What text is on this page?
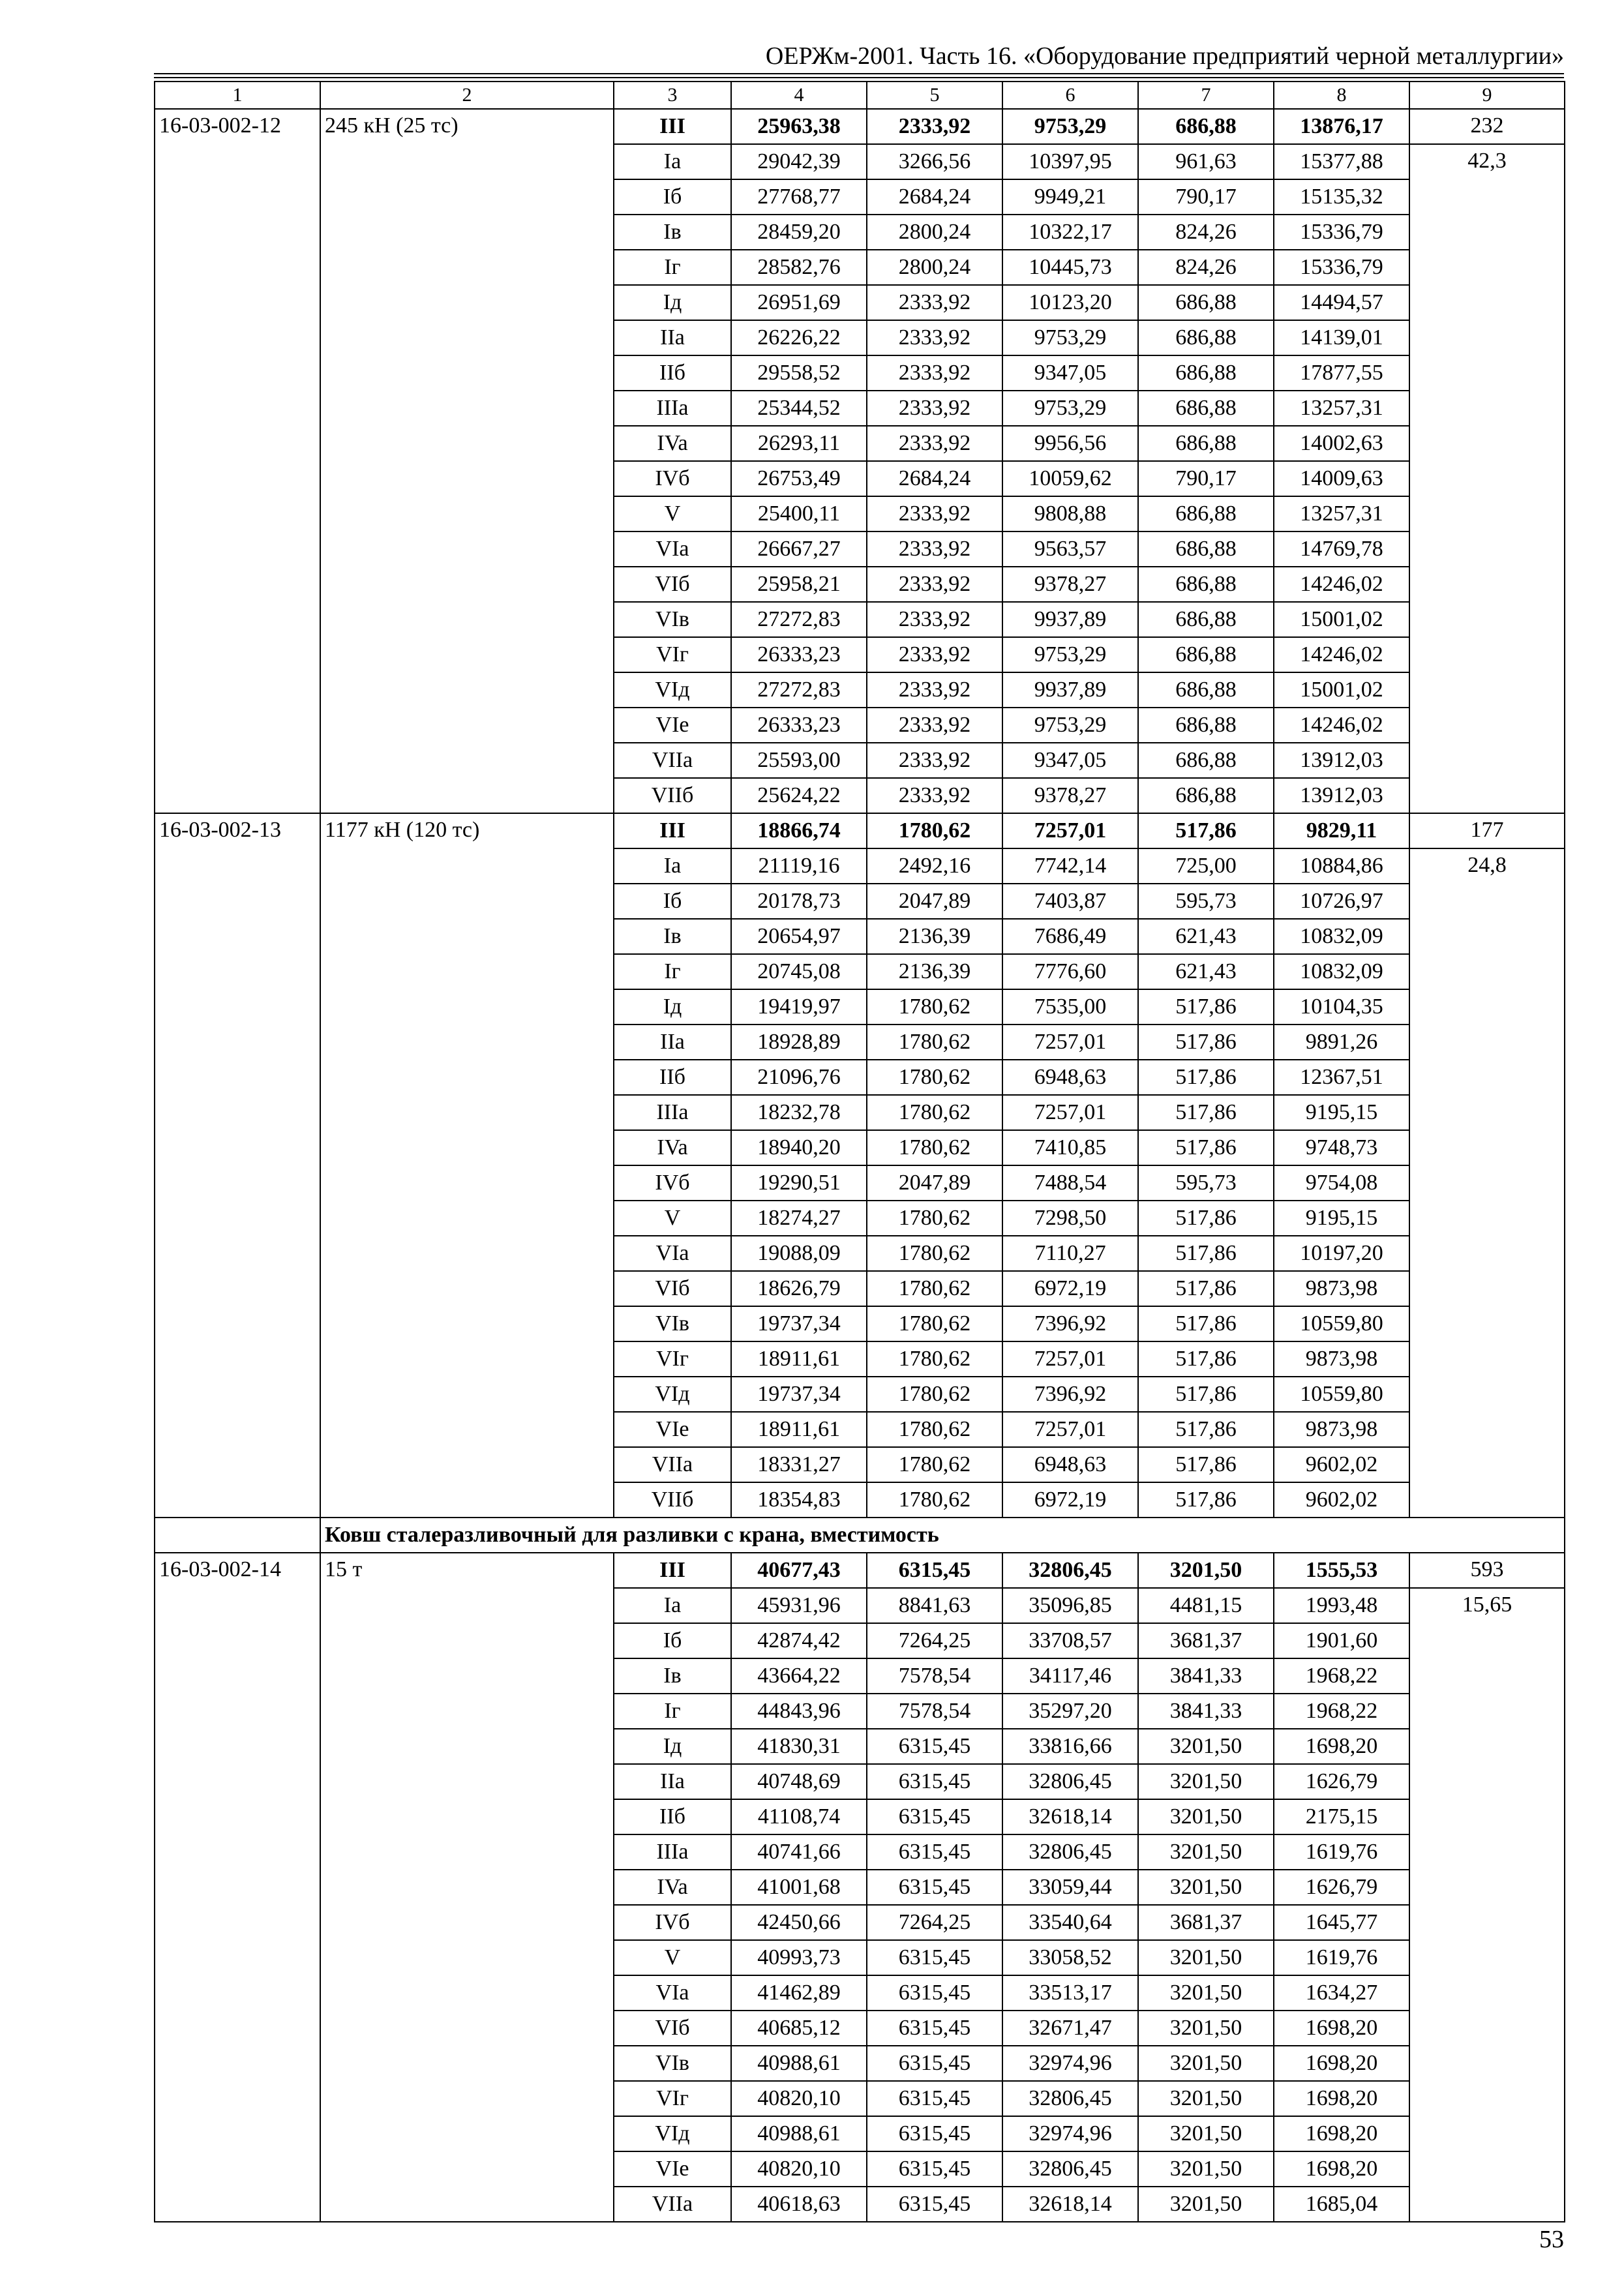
ОЕРЖм-2001. Часть 16. «Оборудование предприятий черной металлургии»
1	2	3	4	5	6	7	8	9
16-03-002-12	245 кН (25 тс)	III	25963,38	2333,92	9753,29	686,88	13876,17	232
		Ia	29042,39	3266,56	10397,95	961,63	15377,88	42,3
		Iб	27768,77	2684,24	9949,21	790,17	15135,32	
		Iв	28459,20	2800,24	10322,17	824,26	15336,79	
		Iг	28582,76	2800,24	10445,73	824,26	15336,79	
		Iд	26951,69	2333,92	10123,20	686,88	14494,57	
		IIa	26226,22	2333,92	9753,29	686,88	14139,01	
		IIб	29558,52	2333,92	9347,05	686,88	17877,55	
		IIIa	25344,52	2333,92	9753,29	686,88	13257,31	
		IVa	26293,11	2333,92	9956,56	686,88	14002,63	
		IVб	26753,49	2684,24	10059,62	790,17	14009,63	
		V	25400,11	2333,92	9808,88	686,88	13257,31	
		VIa	26667,27	2333,92	9563,57	686,88	14769,78	
		VIб	25958,21	2333,92	9378,27	686,88	14246,02	
		VIв	27272,83	2333,92	9937,89	686,88	15001,02	
		VIг	26333,23	2333,92	9753,29	686,88	14246,02	
		VIд	27272,83	2333,92	9937,89	686,88	15001,02	
		VIe	26333,23	2333,92	9753,29	686,88	14246,02	
		VIIa	25593,00	2333,92	9347,05	686,88	13912,03	
		VIIб	25624,22	2333,92	9378,27	686,88	13912,03	
16-03-002-13	1177 кН (120 тс)	III	18866,74	1780,62	7257,01	517,86	9829,11	177
		Ia	21119,16	2492,16	7742,14	725,00	10884,86	24,8
		Iб	20178,73	2047,89	7403,87	595,73	10726,97	
		Iв	20654,97	2136,39	7686,49	621,43	10832,09	
		Iг	20745,08	2136,39	7776,60	621,43	10832,09	
		Iд	19419,97	1780,62	7535,00	517,86	10104,35	
		IIa	18928,89	1780,62	7257,01	517,86	9891,26	
		IIб	21096,76	1780,62	6948,63	517,86	12367,51	
		IIIa	18232,78	1780,62	7257,01	517,86	9195,15	
		IVa	18940,20	1780,62	7410,85	517,86	9748,73	
		IVб	19290,51	2047,89	7488,54	595,73	9754,08	
		V	18274,27	1780,62	7298,50	517,86	9195,15	
		VIa	19088,09	1780,62	7110,27	517,86	10197,20	
		VIб	18626,79	1780,62	6972,19	517,86	9873,98	
		VIв	19737,34	1780,62	7396,92	517,86	10559,80	
		VIг	18911,61	1780,62	7257,01	517,86	9873,98	
		VIд	19737,34	1780,62	7396,92	517,86	10559,80	
		VIe	18911,61	1780,62	7257,01	517,86	9873,98	
		VIIa	18331,27	1780,62	6948,63	517,86	9602,02	
		VIIб	18354,83	1780,62	6972,19	517,86	9602,02	
	Ковш сталеразливочный для разливки с крана, вместимость							
16-03-002-14	15 т	III	40677,43	6315,45	32806,45	3201,50	1555,53	593
		Ia	45931,96	8841,63	35096,85	4481,15	1993,48	15,65
		Iб	42874,42	7264,25	33708,57	3681,37	1901,60	
		Iв	43664,22	7578,54	34117,46	3841,33	1968,22	
		Iг	44843,96	7578,54	35297,20	3841,33	1968,22	
		Iд	41830,31	6315,45	33816,66	3201,50	1698,20	
		IIa	40748,69	6315,45	32806,45	3201,50	1626,79	
		IIб	41108,74	6315,45	32618,14	3201,50	2175,15	
		IIIa	40741,66	6315,45	32806,45	3201,50	1619,76	
		IVa	41001,68	6315,45	33059,44	3201,50	1626,79	
		IVб	42450,66	7264,25	33540,64	3681,37	1645,77	
		V	40993,73	6315,45	33058,52	3201,50	1619,76	
		VIa	41462,89	6315,45	33513,17	3201,50	1634,27	
		VIб	40685,12	6315,45	32671,47	3201,50	1698,20	
		VIв	40988,61	6315,45	32974,96	3201,50	1698,20	
		VIг	40820,10	6315,45	32806,45	3201,50	1698,20	
		VIд	40988,61	6315,45	32974,96	3201,50	1698,20	
		VIe	40820,10	6315,45	32806,45	3201,50	1698,20	
		VIIa	40618,63	6315,45	32618,14	3201,50	1685,04	
53
